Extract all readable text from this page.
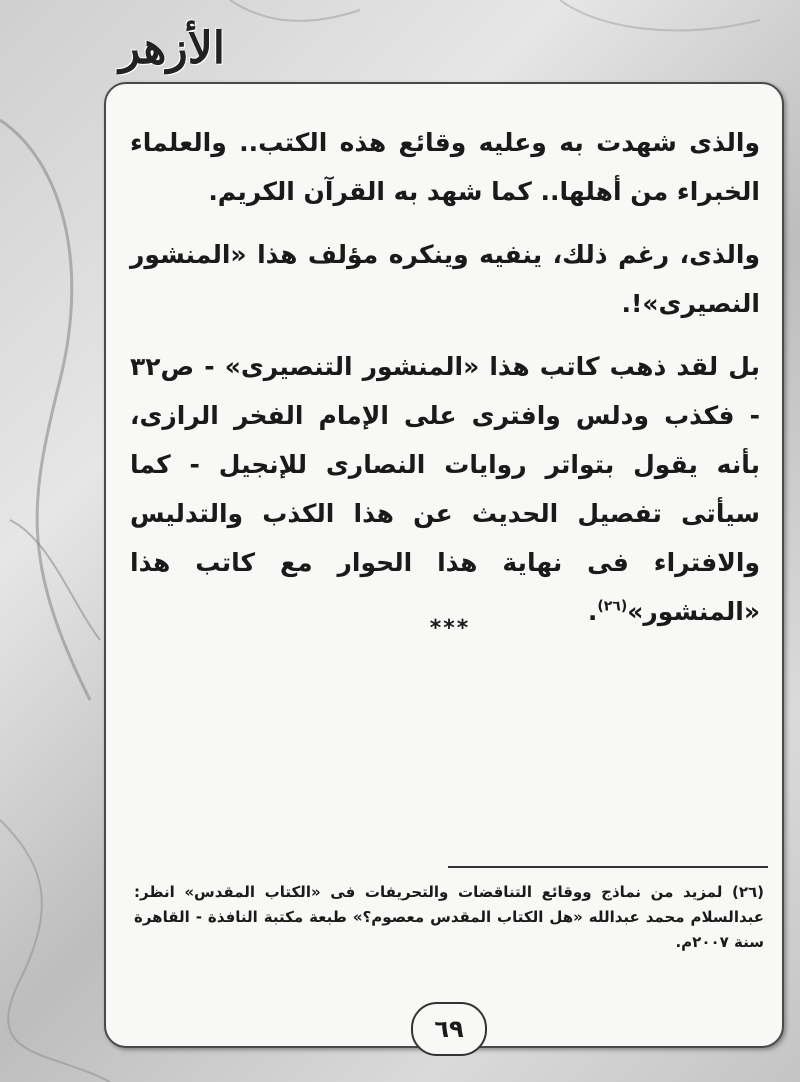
الأزهر

والذى شهدت به وعليه وقائع هذه الكتب.. والعلماء الخبراء من أهلها.. كما شهد به القرآن الكريم.

والذى، رغم ذلك، ينفيه وينكره مؤلف هذا «المنشور النصيرى»!.

بل لقد ذهب كاتب هذا «المنشور التنصيرى» - ص٣٢ - فكذب ودلس وافترى على الإمام الفخر الرازى، بأنه يقول بتواتر روايات النصارى للإنجيل - كما سيأتى تفصيل الحديث عن هذا الكذب والتدليس والافتراء فى نهاية هذا الحوار مع كاتب هذا «المنشور»$^{(٢٦)}$.

***
(٢٦) لمزيد من نماذج ووقائع التناقضات والتحريفات فى «الكتاب المقدس» انظر: عبدالسلام محمد عبدالله «هل الكتاب المقدس معصوم؟» طبعة مكتبة النافذة - القاهرة سنة ٢٠٠٧م.
٦٩
